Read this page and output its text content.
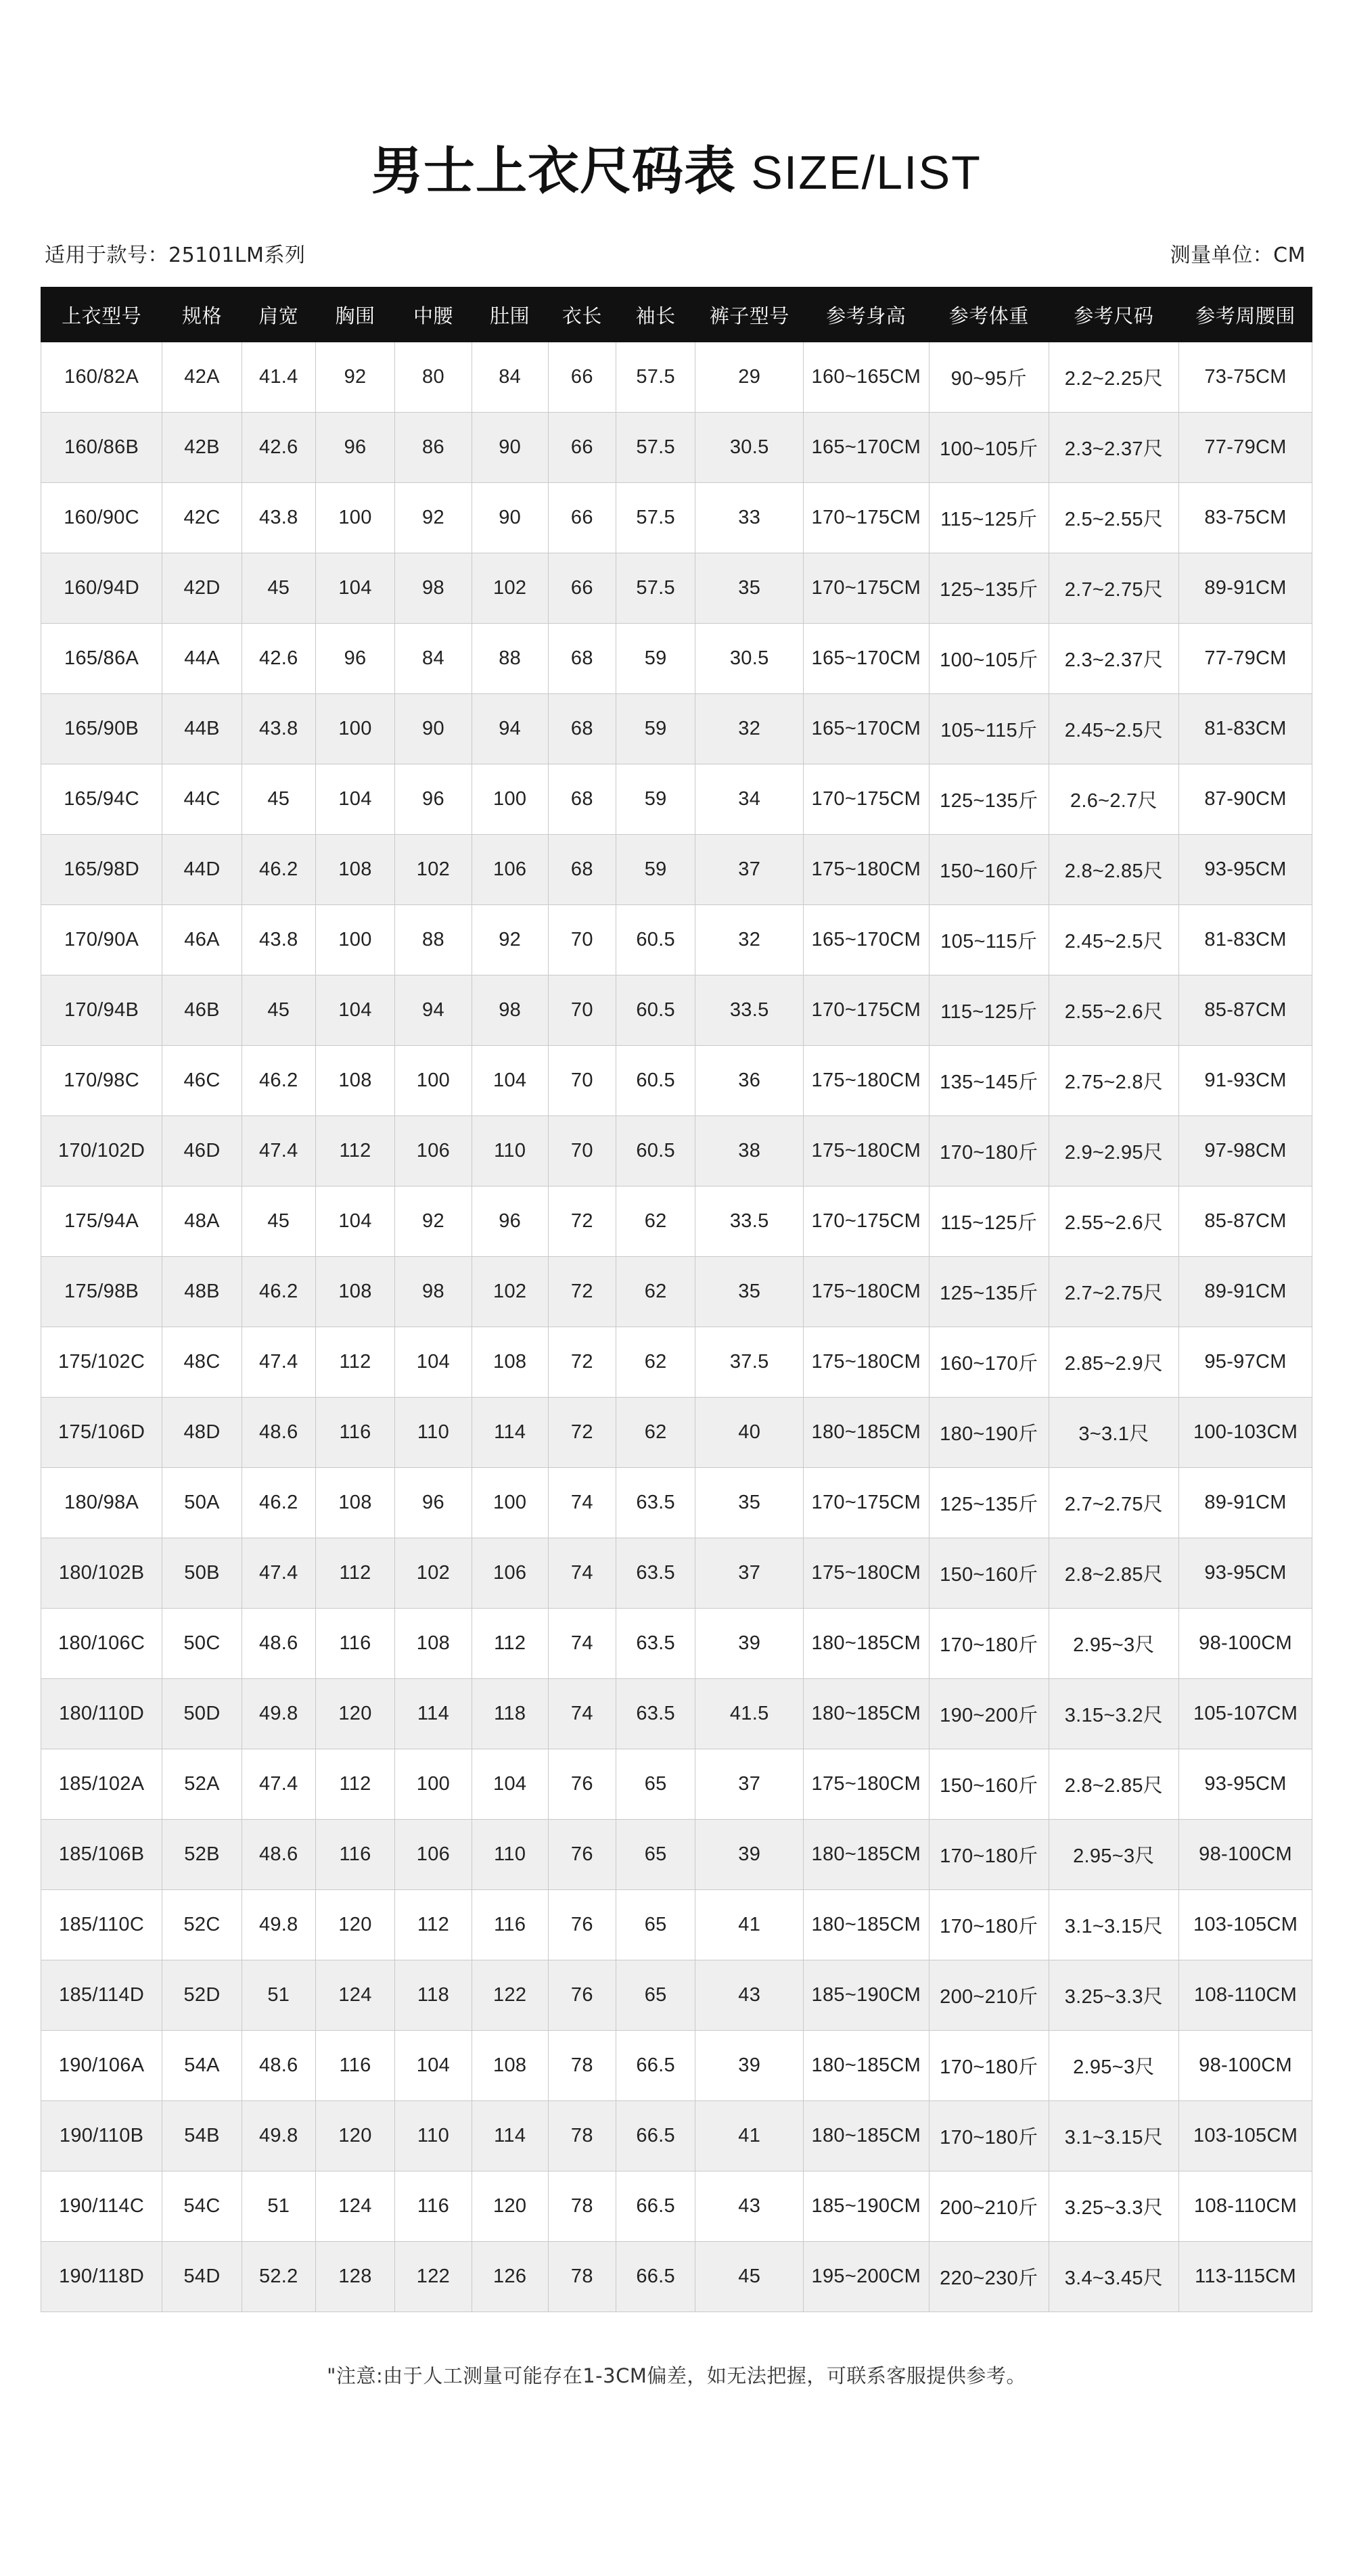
男士上衣尺码表 SIZE/LIST
适用于款号：25101LM系列	测量单位：CM
上衣型号	规格	肩宽	胸围	中腰	肚围	衣长	袖长	裤子型号	参考身高	参考体重	参考尺码	参考周腰围
160/82A	42A	41.4	92	80	84	66	57.5	29	160~165CM	90~95斤	2.2~2.25尺	73-75CM
160/86B	42B	42.6	96	86	90	66	57.5	30.5	165~170CM	100~105斤	2.3~2.37尺	77-79CM
160/90C	42C	43.8	100	92	90	66	57.5	33	170~175CM	115~125斤	2.5~2.55尺	83-75CM
160/94D	42D	45	104	98	102	66	57.5	35	170~175CM	125~135斤	2.7~2.75尺	89-91CM
165/86A	44A	42.6	96	84	88	68	59	30.5	165~170CM	100~105斤	2.3~2.37尺	77-79CM
165/90B	44B	43.8	100	90	94	68	59	32	165~170CM	105~115斤	2.45~2.5尺	81-83CM
165/94C	44C	45	104	96	100	68	59	34	170~175CM	125~135斤	2.6~2.7尺	87-90CM
165/98D	44D	46.2	108	102	106	68	59	37	175~180CM	150~160斤	2.8~2.85尺	93-95CM
170/90A	46A	43.8	100	88	92	70	60.5	32	165~170CM	105~115斤	2.45~2.5尺	81-83CM
170/94B	46B	45	104	94	98	70	60.5	33.5	170~175CM	115~125斤	2.55~2.6尺	85-87CM
170/98C	46C	46.2	108	100	104	70	60.5	36	175~180CM	135~145斤	2.75~2.8尺	91-93CM
170/102D	46D	47.4	112	106	110	70	60.5	38	175~180CM	170~180斤	2.9~2.95尺	97-98CM
175/94A	48A	45	104	92	96	72	62	33.5	170~175CM	115~125斤	2.55~2.6尺	85-87CM
175/98B	48B	46.2	108	98	102	72	62	35	175~180CM	125~135斤	2.7~2.75尺	89-91CM
175/102C	48C	47.4	112	104	108	72	62	37.5	175~180CM	160~170斤	2.85~2.9尺	95-97CM
175/106D	48D	48.6	116	110	114	72	62	40	180~185CM	180~190斤	3~3.1尺	100-103CM
180/98A	50A	46.2	108	96	100	74	63.5	35	170~175CM	125~135斤	2.7~2.75尺	89-91CM
180/102B	50B	47.4	112	102	106	74	63.5	37	175~180CM	150~160斤	2.8~2.85尺	93-95CM
180/106C	50C	48.6	116	108	112	74	63.5	39	180~185CM	170~180斤	2.95~3尺	98-100CM
180/110D	50D	49.8	120	114	118	74	63.5	41.5	180~185CM	190~200斤	3.15~3.2尺	105-107CM
185/102A	52A	47.4	112	100	104	76	65	37	175~180CM	150~160斤	2.8~2.85尺	93-95CM
185/106B	52B	48.6	116	106	110	76	65	39	180~185CM	170~180斤	2.95~3尺	98-100CM
185/110C	52C	49.8	120	112	116	76	65	41	180~185CM	170~180斤	3.1~3.15尺	103-105CM
185/114D	52D	51	124	118	122	76	65	43	185~190CM	200~210斤	3.25~3.3尺	108-110CM
190/106A	54A	48.6	116	104	108	78	66.5	39	180~185CM	170~180斤	2.95~3尺	98-100CM
190/110B	54B	49.8	120	110	114	78	66.5	41	180~185CM	170~180斤	3.1~3.15尺	103-105CM
190/114C	54C	51	124	116	120	78	66.5	43	185~190CM	200~210斤	3.25~3.3尺	108-110CM
190/118D	54D	52.2	128	122	126	78	66.5	45	195~200CM	220~230斤	3.4~3.45尺	113-115CM
"注意:由于人工测量可能存在1-3CM偏差，如无法把握，可联系客服提供参考。
